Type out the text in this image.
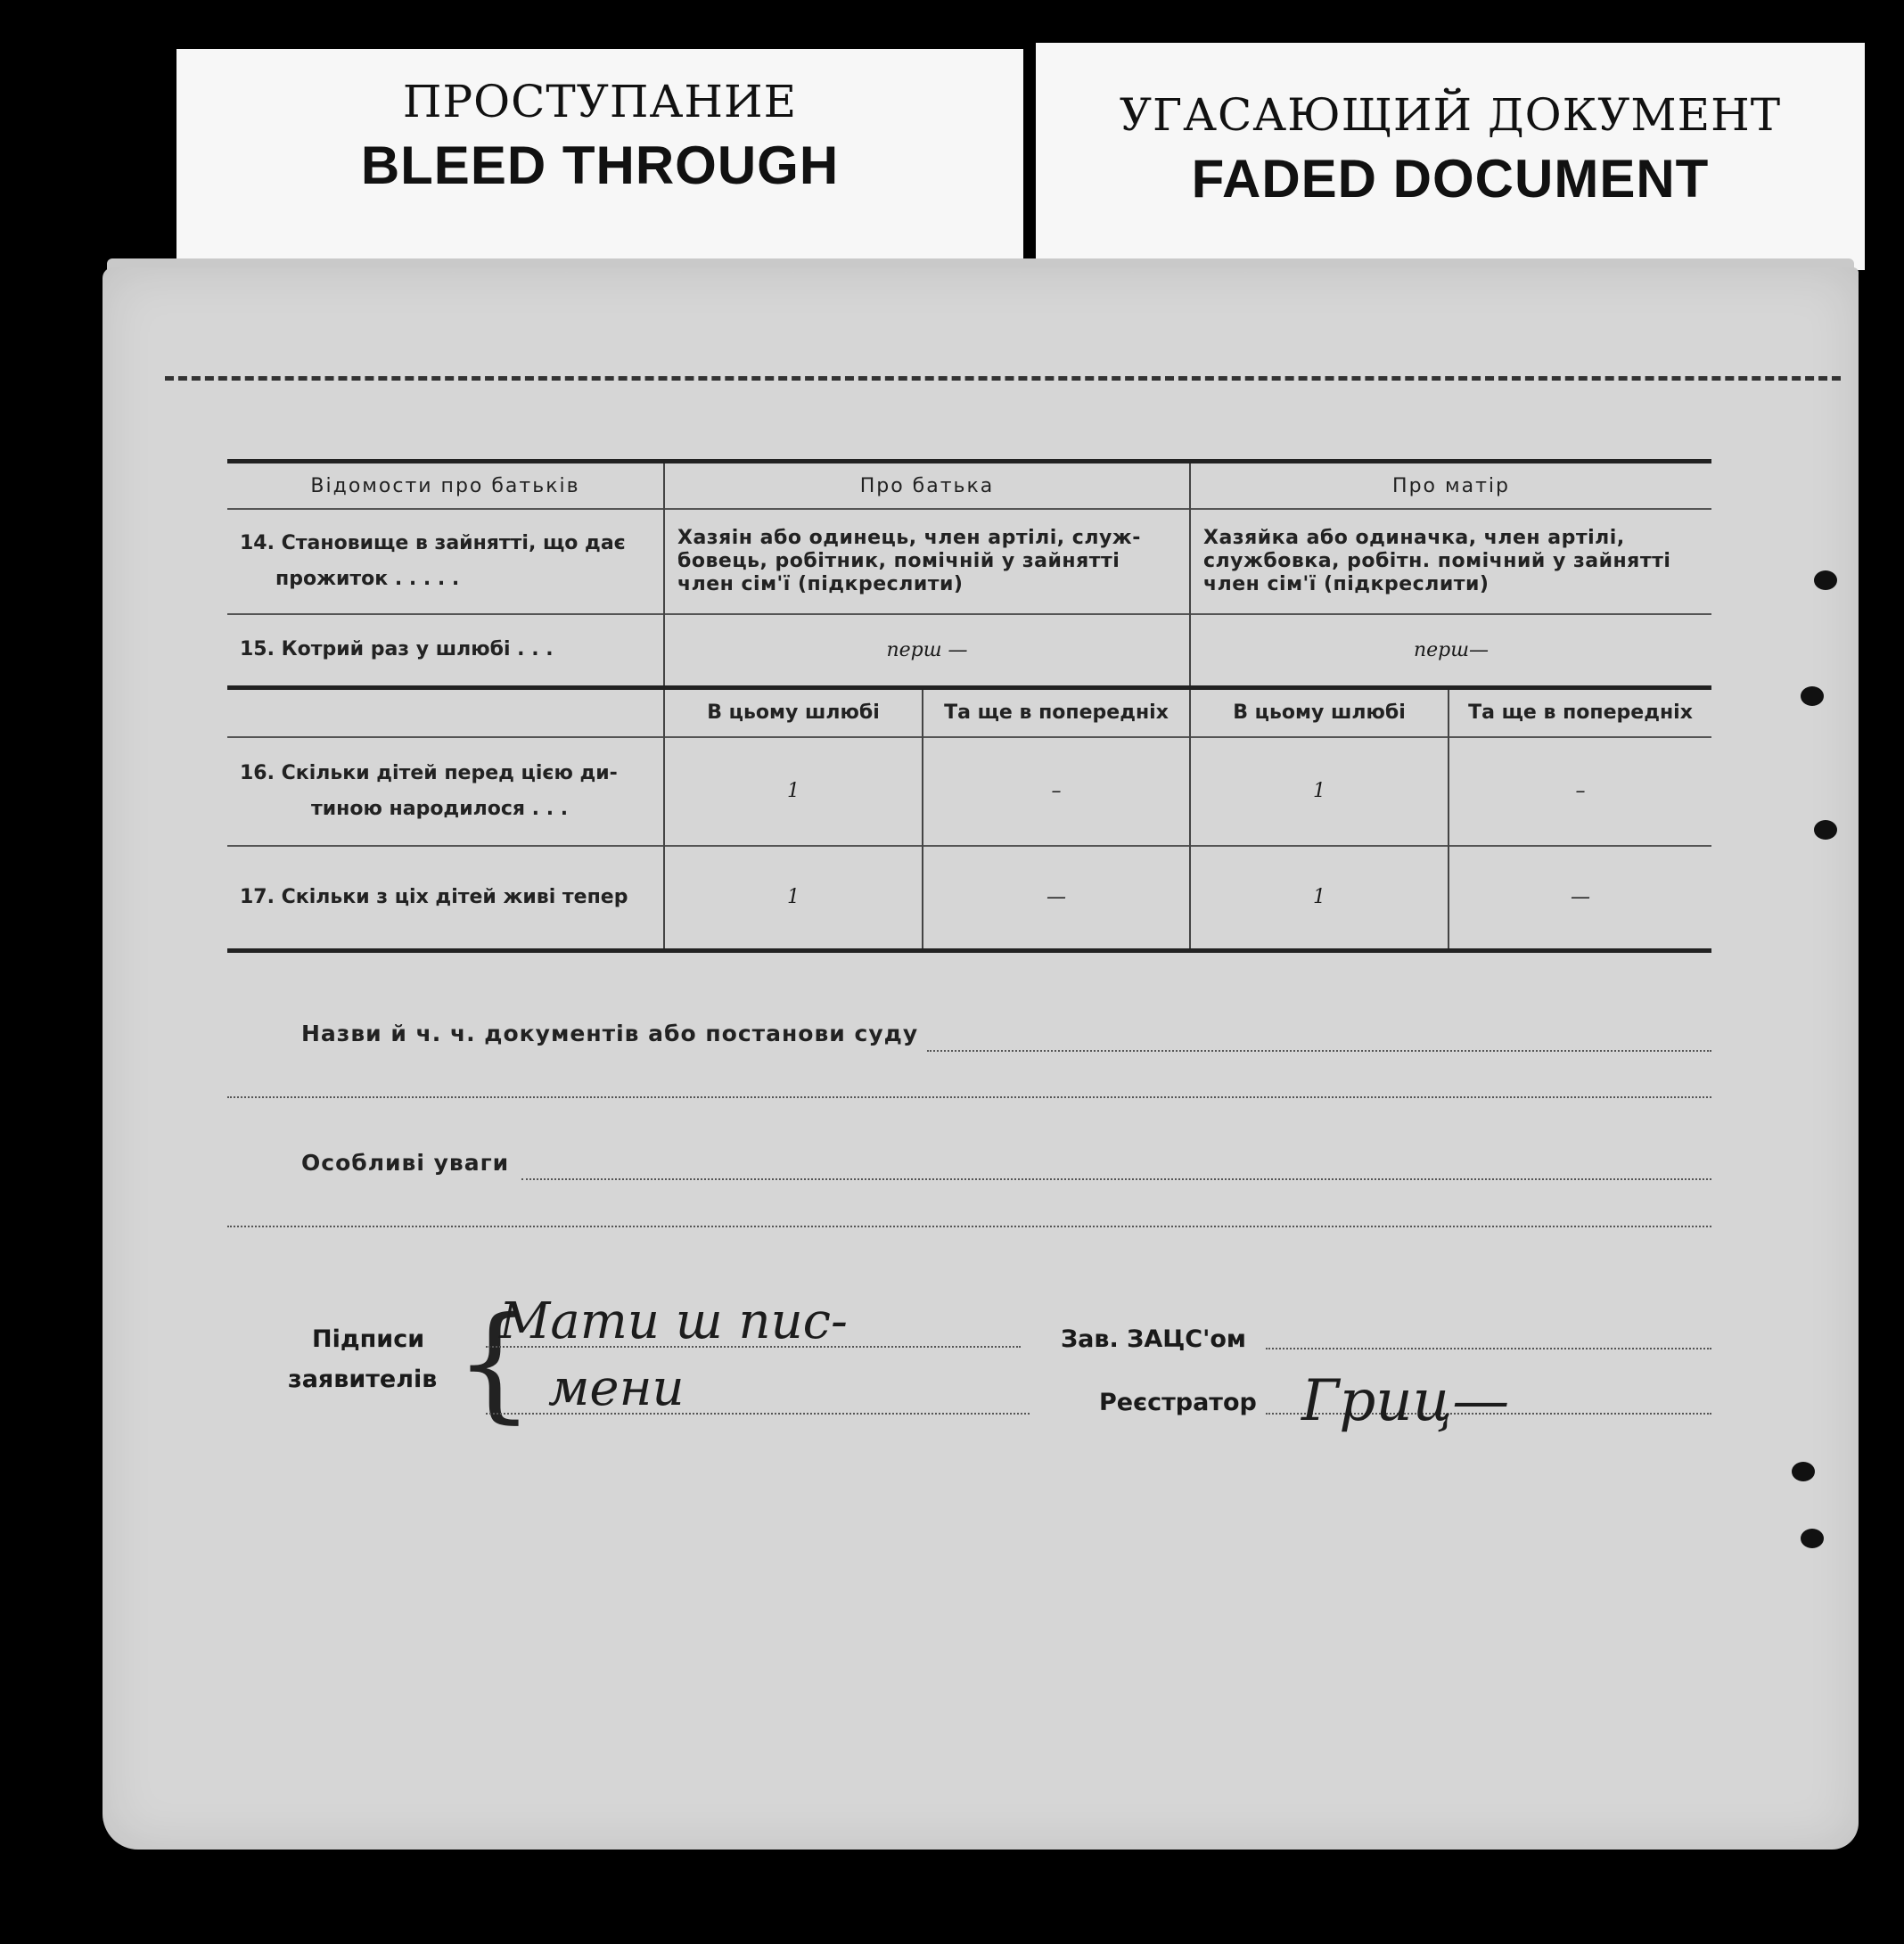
ПРОСТУПАНИЕ
BLEED THROUGH
УГАСАЮЩИЙ ДОКУМЕНТ
FADED DOCUMENT
Відомости про батьків	Про батька		Про матір	
14. Становище в зайнятті, що дає
прожиток . . . . .	Хазяін або одинець, член артілі, служ-бовець, робітник, помічній у зайнятті член сім'ї (підкреслити)		Хазяйка або одиначка, член артілі, службовка, робітн. помічний у зайнятті член сім'ї (підкреслити)	
15. Котрий раз у шлюбі . . .	перш —		перш—	
	В цьому шлюбі	Та ще в попередніх	В цьому шлюбі	Та ще в попередніх
16. Скільки дітей перед цією ди-
тиною народилося . . .	1	–	1	–
17. Скільки з ціх дітей живі тепер	1	—	1	—
Назви й ч. ч. документів або постанови суду
Особливі уваги
Підписи
заявителів {
Мати ш пис-
мени
Зав. ЗАЦС'ом
Реєстратор Гриц—
